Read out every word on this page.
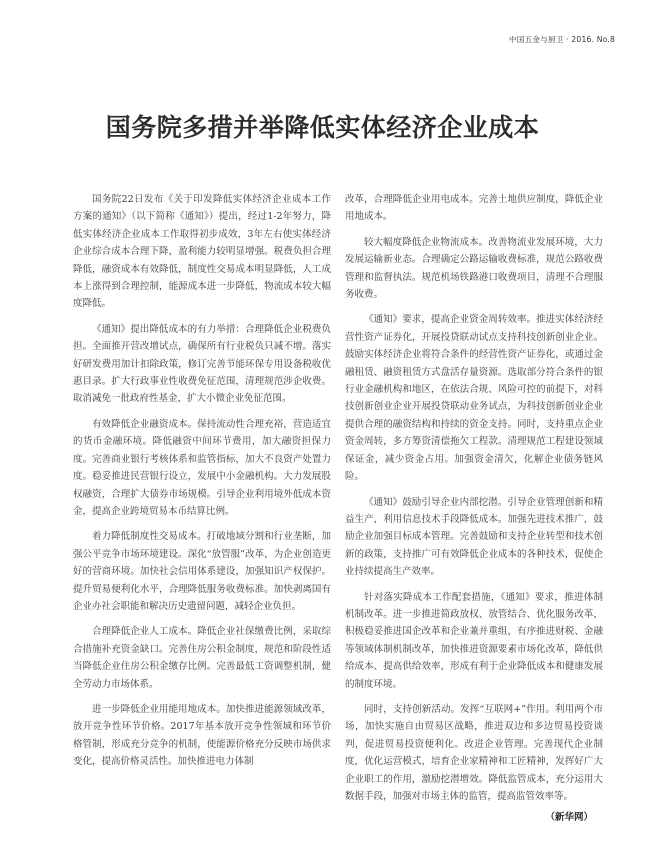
中国五金与厨卫 · 2016. No.8
国务院多措并举降低实体经济企业成本

国务院22日发布《关于印发降低实体经济企业成本工作方案的通知》（以下简称《通知》）提出，经过1-2年努力，降低实体经济企业成本工作取得初步成效，3年左右使实体经济企业综合成本合理下降，盈利能力较明显增强。税费负担合理降低，融资成本有效降低，制度性交易成本明显降低，人工成本上涨得到合理控制，能源成本进一步降低，物流成本较大幅度降低。

《通知》提出降低成本的有力举措：合理降低企业税费负担。全面推开营改增试点，确保所有行业税负只减不增。落实好研发费用加计扣除政策，修订完善节能环保专用设备税收优惠目录。扩大行政事业性收费免征范围，清理规范涉企收费。取消减免一批政府性基金，扩大小微企业免征范围。

有效降低企业融资成本。保持流动性合理充裕，营造适宜的货币金融环境。降低融资中间环节费用，加大融资担保力度。完善商业银行考核体系和监管指标，加大不良资产处置力度。稳妥推进民营银行设立，发展中小金融机构。大力发展股权融资，合理扩大债券市场规模。引导企业利用境外低成本资金，提高企业跨境贸易本币结算比例。

着力降低制度性交易成本。打破地域分割和行业垄断，加强公平竞争市场环境建设。深化“放管服”改革，为企业创造更好的营商环境。加快社会信用体系建设，加强知识产权保护。提升贸易便利化水平，合理降低服务收费标准。加快剥离国有企业办社会职能和解决历史遗留问题，减轻企业负担。

合理降低企业人工成本。降低企业社保缴费比例，采取综合措施补充资金缺口。完善住房公积金制度，规范和阶段性适当降低企业住房公积金缴存比例。完善最低工资调整机制，健全劳动力市场体系。

进一步降低企业用能用地成本。加快推进能源领域改革，放开竞争性环节价格。2017年基本放开竞争性领域和环节价格管制，形成充分竞争的机制，使能源价格充分反映市场供求变化，提高价格灵活性。加快推进电力体制

改革，合理降低企业用电成本。完善土地供应制度，降低企业用地成本。

较大幅度降低企业物流成本。改善物流业发展环境，大力发展运输新业态。合理确定公路运输收费标准，规范公路收费管理和监督执法。规范机场铁路港口收费项目，清理不合理服务收费。

《通知》要求，提高企业资金周转效率。推进实体经济经营性资产证券化，开展投贷联动试点支持科技创新创业企业。鼓励实体经济企业将符合条件的经营性资产证券化，或通过金融租赁、融资租赁方式盘活存量资源。选取部分符合条件的银行业金融机构和地区，在依法合规、风险可控的前提下，对科技创新创业企业开展投贷联动业务试点，为科技创新创业企业提供合理的融资结构和持续的资金支持。同时，支持重点企业资金周转，多方筹资清偿拖欠工程款。清理规范工程建设领域保证金，减少资金占用。加强资金清欠，化解企业债务链风险。

《通知》鼓励引导企业内部挖潜。引导企业管理创新和精益生产，利用信息技术手段降低成本。加强先进技术推广，鼓励企业加强目标成本管理。完善鼓励和支持企业转型和技术创新的政策，支持推广可有效降低企业成本的各种技术，促使企业持续提高生产效率。

针对落实降成本工作配套措施，《通知》要求，推进体制机制改革。进一步推进简政放权、放管结合、优化服务改革，积极稳妥推进国企改革和企业兼并重组，有序推进财税、金融等领域体制机制改革，加快推进资源要素市场化改革，降低供给成本、提高供给效率，形成有利于企业降低成本和健康发展的制度环境。

同时，支持创新活动。发挥“互联网+”作用。利用两个市场，加快实施自由贸易区战略，推进双边和多边贸易投资谈判，促进贸易投资便利化。改进企业管理。完善现代企业制度，优化运营模式，培育企业家精神和工匠精神，发挥好广大企业职工的作用，激励挖潜增效。降低监管成本，充分运用大数据手段，加强对市场主体的监管，提高监管效率等。

（新华网）
